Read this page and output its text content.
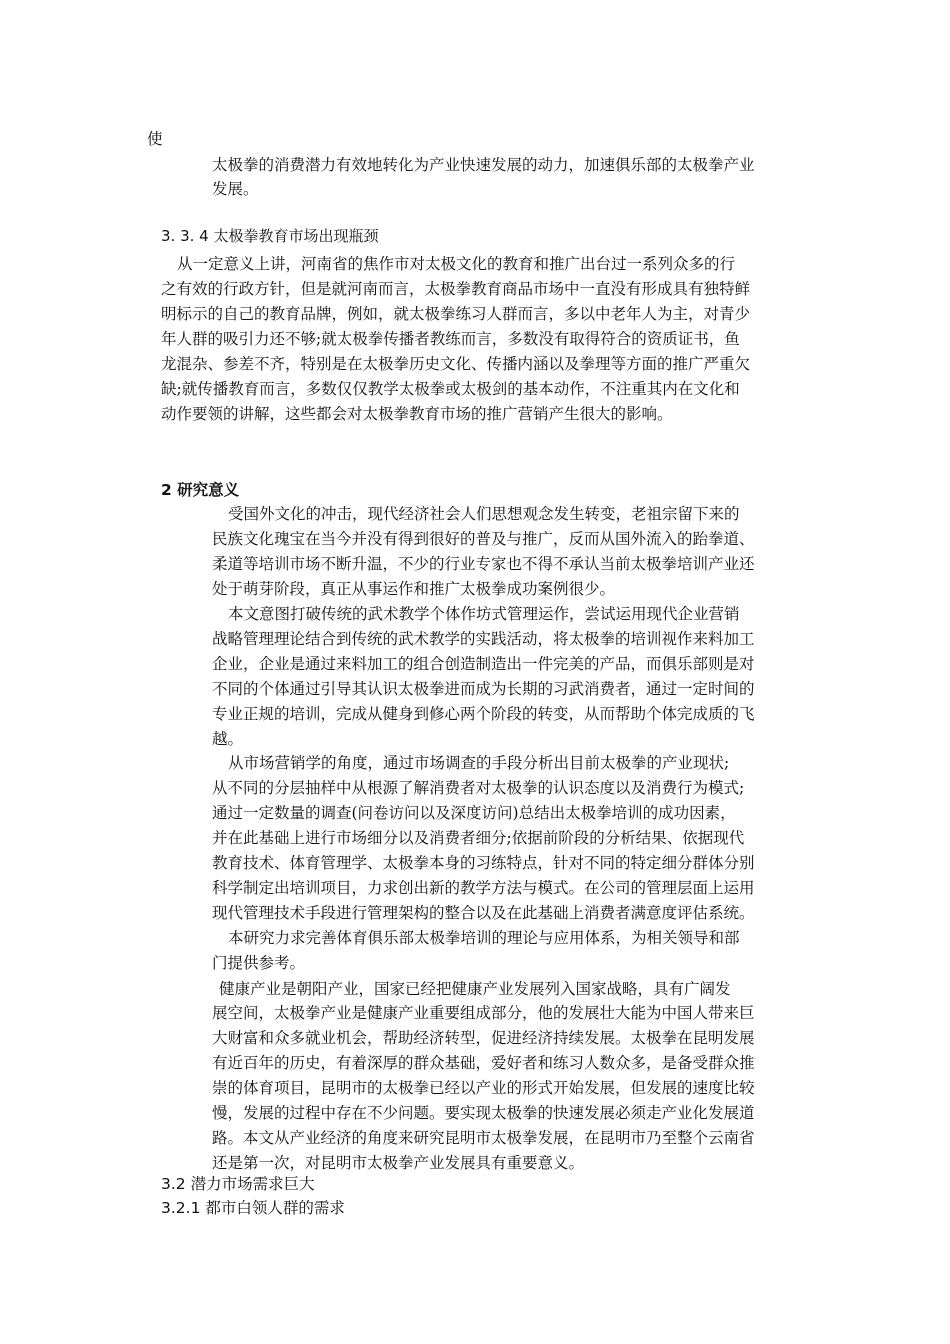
使
太极拳的消费潜力有效地转化为产业快速发展的动力，加速俱乐部的太极拳产业
发展。
3. 3. 4 太极拳教育市场出现瓶颈
从一定意义上讲，河南省的焦作市对太极文化的教育和推广出台过一系列众多的行
之有效的行政方针，但是就河南而言，太极拳教育商品市场中一直没有形成具有独特鲜
明标示的自己的教育品牌，例如，就太极拳练习人群而言，多以中老年人为主，对青少
年人群的吸引力还不够;就太极拳传播者教练而言，多数没有取得符合的资质证书，鱼
龙混杂、参差不齐，特别是在太极拳历史文化、传播内涵以及拳理等方面的推广严重欠
缺;就传播教育而言，多数仅仅教学太极拳或太极剑的基本动作，不注重其内在文化和
动作要领的讲解，这些都会对太极拳教育市场的推广营销产生很大的影响。
2 研究意义
受国外文化的冲击，现代经济社会人们思想观念发生转变，老祖宗留下来的
民族文化瑰宝在当今并没有得到很好的普及与推广，反而从国外流入的跆拳道、
柔道等培训市场不断升温，不少的行业专家也不得不承认当前太极拳培训产业还
处于萌芽阶段，真正从事运作和推广太极拳成功案例很少。
本文意图打破传统的武术教学个体作坊式管理运作，尝试运用现代企业营销
战略管理理论结合到传统的武术教学的实践活动，将太极拳的培训视作来料加工
企业，企业是通过来料加工的组合创造制造出一件完美的产品，而俱乐部则是对
不同的个体通过引导其认识太极拳进而成为长期的习武消费者，通过一定时间的
专业正规的培训，完成从健身到修心两个阶段的转变，从而帮助个体完成质的飞
越。
从市场营销学的角度，通过市场调查的手段分析出目前太极拳的产业现状;
从不同的分层抽样中从根源了解消费者对太极拳的认识态度以及消费行为模式;
通过一定数量的调查(问卷访问以及深度访问)总结出太极拳培训的成功因素，
并在此基础上进行市场细分以及消费者细分;依据前阶段的分析结果、依据现代
教育技术、体育管理学、太极拳本身的习练特点，针对不同的特定细分群体分别
科学制定出培训项目，力求创出新的教学方法与模式。在公司的管理层面上运用
现代管理技术手段进行管理架构的整合以及在此基础上消费者满意度评估系统。
本研究力求完善体育俱乐部太极拳培训的理论与应用体系，为相关领导和部
门提供参考。
健康产业是朝阳产业，国家已经把健康产业发展列入国家战略，具有广阔发
展空间，太极拳产业是健康产业重要组成部分，他的发展壮大能为中国人带来巨
大财富和众多就业机会，帮助经济转型，促进经济持续发展。太极拳在昆明发展
有近百年的历史，有着深厚的群众基础，爱好者和练习人数众多，是备受群众推
崇的体育项目，昆明市的太极拳已经以产业的形式开始发展，但发展的速度比较
慢，发展的过程中存在不少问题。要实现太极拳的快速发展必须走产业化发展道
路。本文从产业经济的角度来研究昆明市太极拳发展，在昆明市乃至整个云南省
还是第一次，对昆明市太极拳产业发展具有重要意义。
3.2 潜力市场需求巨大
3.2.1 都市白领人群的需求
